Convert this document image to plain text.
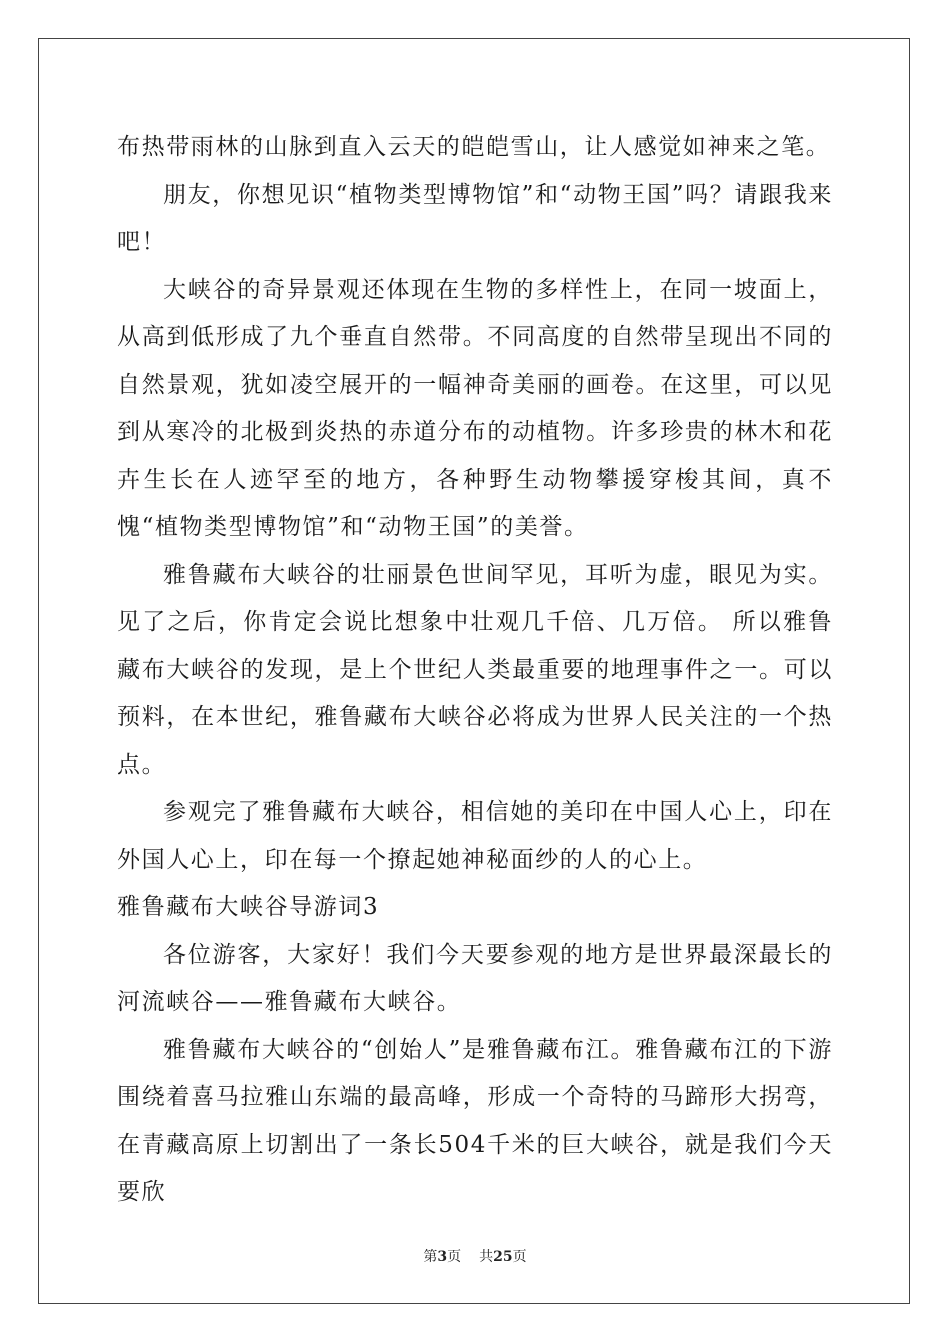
布热带雨林的山脉到直入云天的皑皑雪山，让人感觉如神来之笔。

朋友，你想见识“植物类型博物馆”和“动物王国”吗？请跟我来吧！

大峡谷的奇异景观还体现在生物的多样性上，在同一坡面上，从高到低形成了九个垂直自然带。不同高度的自然带呈现出不同的自然景观，犹如凌空展开的一幅神奇美丽的画卷。在这里，可以见到从寒冷的北极到炎热的赤道分布的动植物。许多珍贵的林木和花卉生长在人迹罕至的地方，各种野生动物攀援穿梭其间，真不愧“植物类型博物馆”和“动物王国”的美誉。

雅鲁藏布大峡谷的壮丽景色世间罕见，耳听为虚，眼见为实。见了之后，你肯定会说比想象中壮观几千倍、几万倍。 所以雅鲁藏布大峡谷的发现，是上个世纪人类最重要的地理事件之一。可以预料，在本世纪，雅鲁藏布大峡谷必将成为世界人民关注的一个热点。

参观完了雅鲁藏布大峡谷，相信她的美印在中国人心上，印在外国人心上，印在每一个撩起她神秘面纱的人的心上。

雅鲁藏布大峡谷导游词3

各位游客，大家好！我们今天要参观的地方是世界最深最长的河流峡谷——雅鲁藏布大峡谷。

雅鲁藏布大峡谷的“创始人”是雅鲁藏布江。雅鲁藏布江的下游围绕着喜马拉雅山东端的最高峰，形成一个奇特的马蹄形大拐弯，在青藏高原上切割出了一条长504千米的巨大峡谷，就是我们今天要欣

第3页 共25页
